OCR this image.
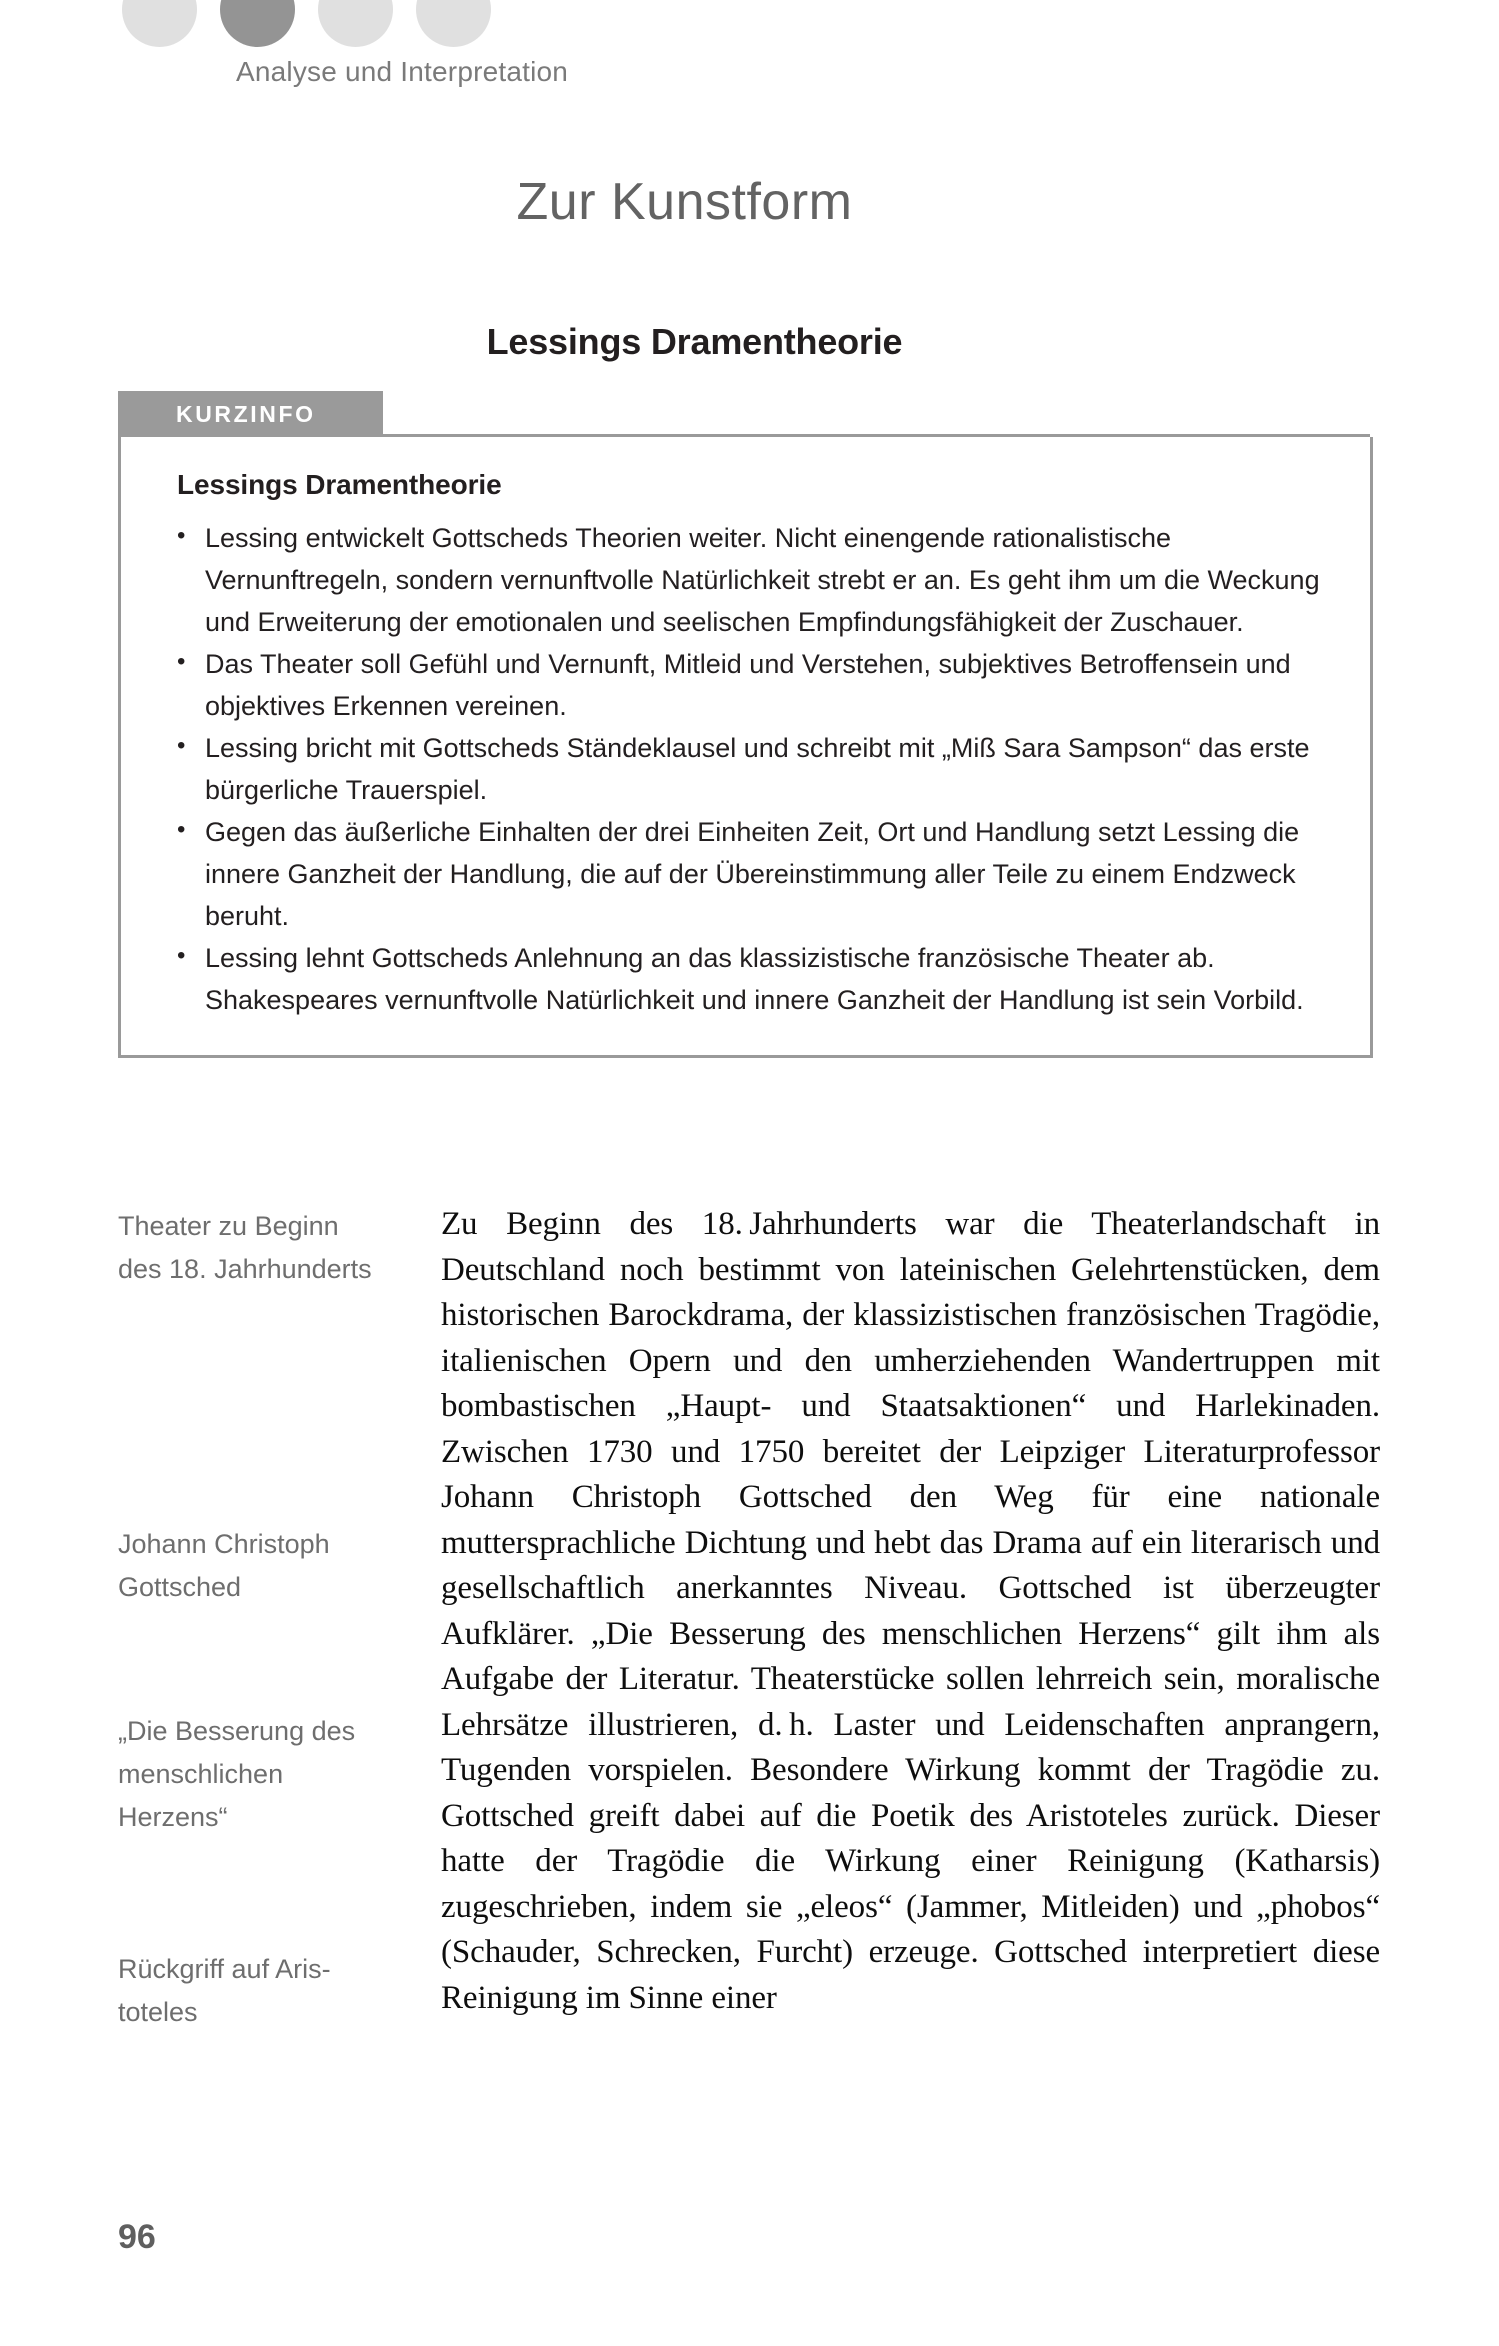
Analyse und Interpretation
Zur Kunstform
Lessings Dramentheorie
KURZINFO
Lessings Dramentheorie
• Lessing entwickelt Gottscheds Theorien weiter. Nicht einengende rationalistische Vernunftregeln, sondern vernunftvolle Natürlichkeit strebt er an. Es geht ihm um die Weckung und Erweiterung der emotionalen und seelischen Empfindungsfähigkeit der Zuschauer.
• Das Theater soll Gefühl und Vernunft, Mitleid und Verstehen, subjektives Betroffensein und objektives Erkennen vereinen.
• Lessing bricht mit Gottscheds Ständeklausel und schreibt mit „Miß Sara Sampson“ das erste bürgerliche Trauerspiel.
• Gegen das äußerliche Einhalten der drei Einheiten Zeit, Ort und Handlung setzt Lessing die innere Ganzheit der Handlung, die auf der Übereinstimmung aller Teile zu einem Endzweck beruht.
• Lessing lehnt Gottscheds Anlehnung an das klassizistische französische Theater ab. Shakespeares vernunftvolle Natürlichkeit und innere Ganzheit der Handlung ist sein Vorbild.
Theater zu Beginn des 18. Jahrhunderts
Johann Christoph Gottsched
„Die Besserung des menschlichen Herzens“
Rückgriff auf Aristoteles

Zu Beginn des 18. Jahrhunderts war die Theaterlandschaft in Deutschland noch bestimmt von lateinischen Gelehrtenstücken, dem historischen Barockdrama, der klassizistischen französischen Tragödie, italienischen Opern und den umherziehenden Wandertruppen mit bombastischen „Haupt- und Staatsaktionen“ und Harlekinaden. Zwischen 1730 und 1750 bereitet der Leipziger Literaturprofessor Johann Christoph Gottsched den Weg für eine nationale muttersprachliche Dichtung und hebt das Drama auf ein literarisch und gesellschaftlich anerkanntes Niveau. Gottsched ist überzeugter Aufklärer. „Die Besserung des menschlichen Herzens“ gilt ihm als Aufgabe der Literatur. Theaterstücke sollen lehrreich sein, moralische Lehrsätze illustrieren, d. h. Laster und Leidenschaften anprangern, Tugenden vorspielen. Besondere Wirkung kommt der Tragödie zu. Gottsched greift dabei auf die Poetik des Aristoteles zurück. Dieser hatte der Tragödie die Wirkung einer Reinigung (Katharsis) zugeschrieben, indem sie „eleos“ (Jammer, Mitleiden) und „phobos“ (Schauder, Schrecken, Furcht) erzeuge. Gottsched interpretiert diese Reinigung im Sinne einer

96
